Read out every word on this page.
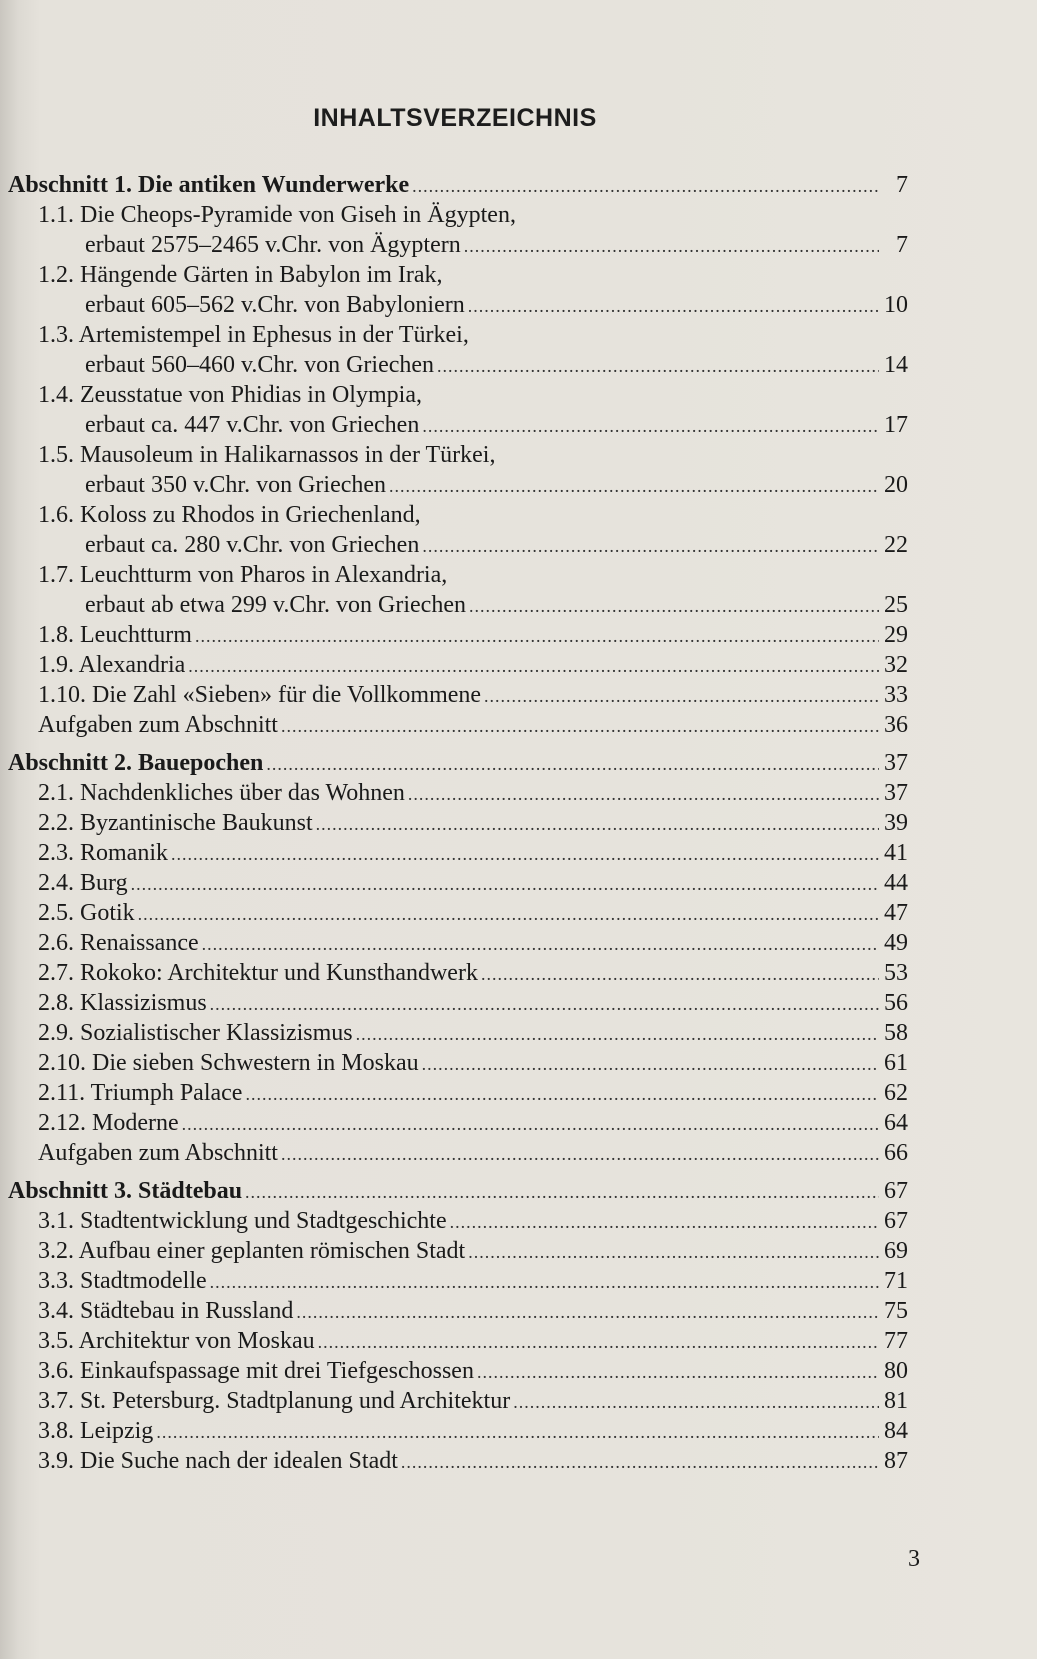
INHALTSVERZEICHNIS
Abschnitt 1. Die antiken Wunderwerke .....	7
1.1. Die Cheops-Pyramide von Giseh in Ägypten,
erbaut 2575–2465 v.Chr. von Ägyptern .....	7
1.2. Hängende Gärten in Babylon im Irak,
erbaut 605–562 v.Chr. von Babyloniern .....	10
1.3. Artemistempel in Ephesus in der Türkei,
erbaut 560–460 v.Chr. von Griechen .....	14
1.4. Zeusstatue von Phidias in Olympia,
erbaut ca. 447 v.Chr. von Griechen .....	17
1.5. Mausoleum in Halikarnassos in der Türkei,
erbaut 350 v.Chr. von Griechen .....	20
1.6. Koloss zu Rhodos in Griechenland,
erbaut ca. 280 v.Chr. von Griechen .....	22
1.7. Leuchtturm von Pharos in Alexandria,
erbaut ab etwa 299 v.Chr. von Griechen .....	25
1.8. Leuchtturm .....	29
1.9. Alexandria .....	32
1.10. Die Zahl «Sieben» für die Vollkommene .....	33
Aufgaben zum Abschnitt .....	36
Abschnitt 2. Bauepochen .....	37
2.1. Nachdenkliches über das Wohnen .....	37
2.2. Byzantinische Baukunst .....	39
2.3. Romanik .....	41
2.4. Burg .....	44
2.5. Gotik .....	47
2.6. Renaissance .....	49
2.7. Rokoko: Architektur und Kunsthandwerk .....	53
2.8. Klassizismus .....	56
2.9. Sozialistischer Klassizismus .....	58
2.10. Die sieben Schwestern in Moskau .....	61
2.11. Triumph Palace .....	62
2.12. Moderne .....	64
Aufgaben zum Abschnitt .....	66
Abschnitt 3. Städtebau .....	67
3.1. Stadtentwicklung und Stadtgeschichte .....	67
3.2. Aufbau einer geplanten römischen Stadt .....	69
3.3. Stadtmodelle .....	71
3.4. Städtebau in Russland .....	75
3.5. Architektur von Moskau .....	77
3.6. Einkaufspassage mit drei Tiefgeschossen .....	80
3.7. St. Petersburg. Stadtplanung und Architektur .....	81
3.8. Leipzig .....	84
3.9. Die Suche nach der idealen Stadt .....	87
3
